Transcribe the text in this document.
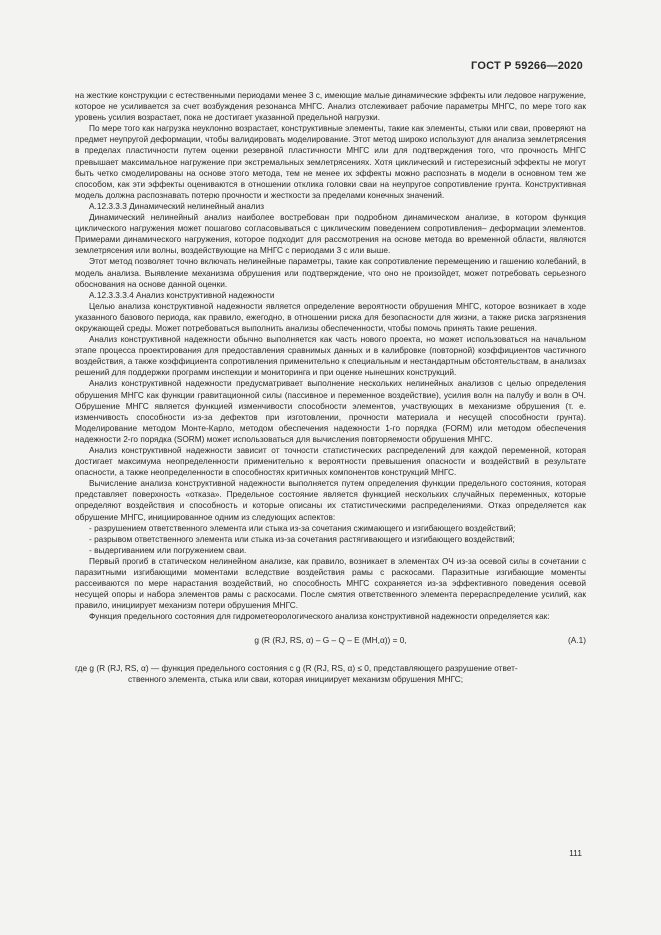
ГОСТ Р 59266—2020

на жесткие конструкции с естественными периодами менее 3 с, имеющие малые динамические эффекты или ледовое нагружение, которое не усиливается за счет возбуждения резонанса МНГС. Анализ отслеживает рабочие параметры МНГС, по мере того как уровень усилия возрастает, пока не достигает указанной предельной нагрузки.

По мере того как нагрузка неуклонно возрастает, конструктивные элементы, такие как элементы, стыки или сваи, проверяют на предмет неупругой деформации, чтобы валидировать моделирование. Этот метод широко используют для анализа землетрясения в пределах пластичности путем оценки резервной пластичности МНГС или для подтверждения того, что прочность МНГС превышает максимальное нагружение при экстремальных землетрясениях. Хотя циклический и гистерезисный эффекты не могут быть четко смоделированы на основе этого метода, тем не менее их эффекты можно распознать в модели в основном тем же способом, как эти эффекты оцениваются в отношении отклика головки сваи на неупругое сопротивление грунта. Конструктивная модель должна распознавать потерю прочности и жесткости за пределами конечных значений.

А.12.3.3.3 Динамический нелинейный анализ

Динамический нелинейный анализ наиболее востребован при подробном динамическом анализе, в котором функция циклического нагружения может пошагово согласовываться с циклическим поведением сопротивления– деформации элементов. Примерами динамического нагружения, которое подходит для рассмотрения на основе метода во временной области, являются землетрясения или волны, воздействующие на МНГС с периодами 3 с или выше.

Этот метод позволяет точно включать нелинейные параметры, такие как сопротивление перемещению и гашению колебаний, в модель анализа. Выявление механизма обрушения или подтверждение, что оно не произойдет, может потребовать серьезного обоснования на основе данной оценки.

А.12.3.3.3.4 Анализ конструктивной надежности

Целью анализа конструктивной надежности является определение вероятности обрушения МНГС, которое возникает в ходе указанного базового периода, как правило, ежегодно, в отношении риска для безопасности для жизни, а также риска загрязнения окружающей среды. Может потребоваться выполнить анализы обеспеченности, чтобы помочь принять такие решения.

Анализ конструктивной надежности обычно выполняется как часть нового проекта, но может использоваться на начальном этапе процесса проектирования для предоставления сравнимых данных и в калибровке (повторной) коэффициентов частичного воздействия, а также коэффициента сопротивления применительно к специальным и нестандартным обстоятельствам, в анализах решений для поддержки программ инспекции и мониторинга и при оценке нынешних конструкций.

Анализ конструктивной надежности предусматривает выполнение нескольких нелинейных анализов с целью определения обрушения МНГС как функции гравитационной силы (пассивное и переменное воздействие), усилия волн на палубу и волн в ОЧ. Обрушение МНГС является функцией изменчивости способности элементов, участвующих в механизме обрушения (т. е. изменчивость способности из-за дефектов при изготовлении, прочности материала и несущей способности грунта). Моделирование методом Монте-Карло, методом обеспечения надежности 1-го порядка (FORM) или методом обеспечения надежности 2-го порядка (SORM) может использоваться для вычисления повторяемости обрушения МНГС.

Анализ конструктивной надежности зависит от точности статистических распределений для каждой переменной, которая достигает максимума неопределенности применительно к вероятности превышения опасности и воздействий в результате опасности, а также неопределенности в способностях критичных компонентов конструкций МНГС.

Вычисление анализа конструктивной надежности выполняется путем определения функции предельного состояния, которая представляет поверхность «отказа». Предельное состояние является функцией нескольких случайных переменных, которые определяют воздействия и способность и которые описаны их статистическими распределениями. Отказ определяется как обрушение МНГС, инициированное одним из следующих аспектов:

- разрушением ответственного элемента или стыка из-за сочетания сжимающего и изгибающего воздействий;

- разрывом ответственного элемента или стыка из-за сочетания растягивающего и изгибающего воздействий;

- выдергиванием или погружением сваи.

Первый прогиб в статическом нелинейном анализе, как правило, возникает в элементах ОЧ из-за осевой силы в сочетании с паразитными изгибающими моментами вследствие воздействия рамы с раскосами. Паразитные изгибающие моменты рассеиваются по мере нарастания воздействий, но способность МНГС сохраняется из-за эффективного поведения осевой несущей опоры и набора элементов рамы с раскосами. После смятия ответственного элемента перераспределение усилий, как правило, инициирует механизм потери обрушения МНГС.

Функция предельного состояния для гидрометеорологического анализа конструктивной надежности определяется как:

g (R (RJ, RS, α) – G – Q – E (MH,α)) = 0,	(А.1)

где g (R (RJ, RS, α) — функция предельного состояния с g (R (RJ, RS, α) ≤ 0, представляющего разрушение ответ-

ственного элемента, стыка или сваи, которая инициирует механизм обрушения МНГС;

111
